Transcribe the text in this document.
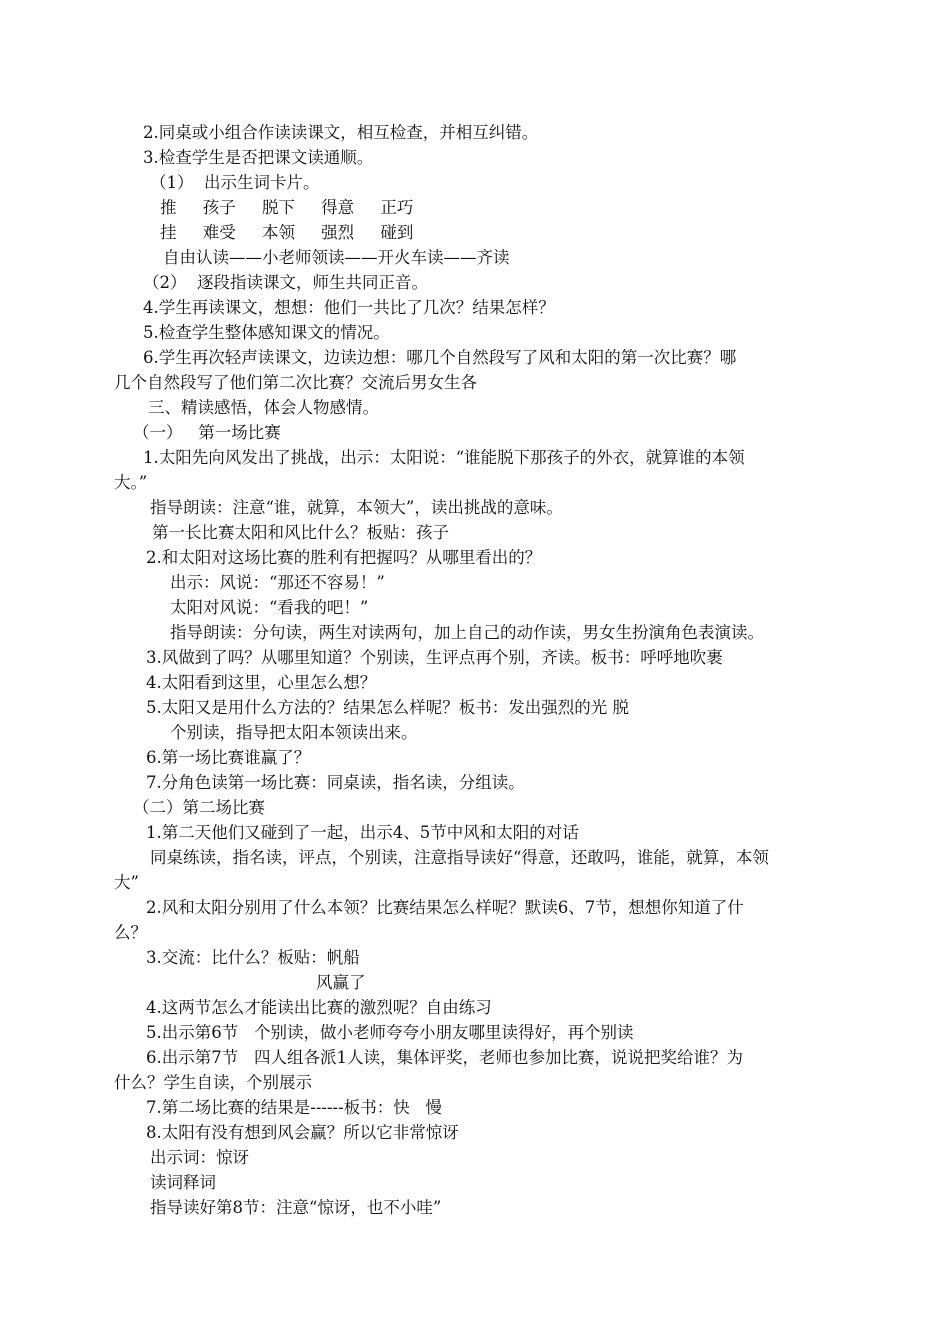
2.同桌或小组合作读读课文，相互检查，并相互纠错。
3.检查学生是否把课文读通顺。
（1）  出示生词卡片。
推     孩子     脱下     得意     正巧
挂     难受     本领     强烈     碰到
自由认读——小老师领读——开火车读——齐读
（2）  逐段指读课文，师生共同正音。
4.学生再读课文，想想：他们一共比了几次？结果怎样？
5.检查学生整体感知课文的情况。
6.学生再次轻声读课文，边读边想：哪几个自然段写了风和太阳的第一次比赛？哪
几个自然段写了他们第二次比赛？交流后男女生各
三、精读感悟，体会人物感情。
（一）   第一场比赛
1.太阳先向风发出了挑战，出示：太阳说：“谁能脱下那孩子的外衣，就算谁的本领
大。”
指导朗读：注意“谁，就算，本领大”，读出挑战的意味。
第一长比赛太阳和风比什么？板贴：孩子
2.和太阳对这场比赛的胜利有把握吗？从哪里看出的？
出示：风说：“那还不容易！”
太阳对风说：“看我的吧！”
指导朗读：分句读，两生对读两句，加上自己的动作读，男女生扮演角色表演读。
3.风做到了吗？从哪里知道？个别读，生评点再个别，齐读。板书：呼呼地吹裹
4.太阳看到这里，心里怎么想？
5.太阳又是用什么方法的？结果怎么样呢？板书：发出强烈的光 脱
个别读，指导把太阳本领读出来。
6.第一场比赛谁赢了？
7.分角色读第一场比赛：同桌读，指名读，分组读。
（二）第二场比赛
1.第二天他们又碰到了一起，出示4、5节中风和太阳的对话
同桌练读，指名读，评点，个别读，注意指导读好“得意，还敢吗，谁能，就算，本领
大”
2.风和太阳分别用了什么本领？比赛结果怎么样呢？默读6、7节，想想你知道了什
么？
3.交流：比什么？板贴：帆船
风赢了
4.这两节怎么才能读出比赛的激烈呢？自由练习
5.出示第6节   个别读，做小老师夸夸小朋友哪里读得好，再个别读
6.出示第7节   四人组各派1人读，集体评奖，老师也参加比赛，说说把奖给谁？为
什么？学生自读，个别展示
7.第二场比赛的结果是------板书：快   慢
8.太阳有没有想到风会赢？所以它非常惊讶
出示词：惊讶
读词释词
指导读好第8节：注意“惊讶，也不小哇”
